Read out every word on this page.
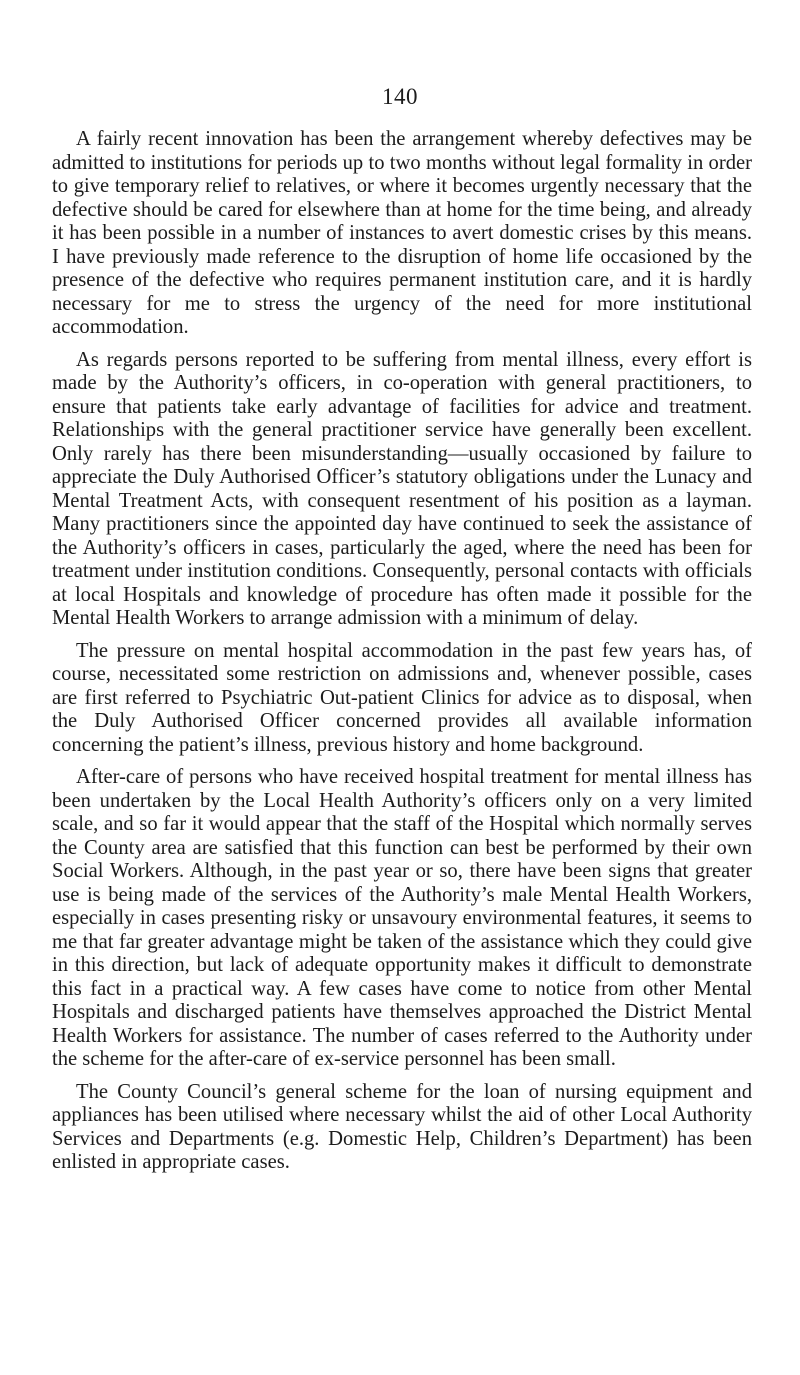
140

A fairly recent innovation has been the arrangement whereby defectives may be admitted to institutions for periods up to two months without legal formality in order to give temporary relief to relatives, or where it becomes urgently necessary that the defective should be cared for elsewhere than at home for the time being, and already it has been possible in a number of instances to avert domestic crises by this means. I have previously made reference to the disruption of home life occasioned by the presence of the defective who requires permanent institution care, and it is hardly necessary for me to stress the urgency of the need for more institutional accommodation.

As regards persons reported to be suffering from mental illness, every effort is made by the Authority’s officers, in co-operation with general practitioners, to ensure that patients take early advantage of facilities for advice and treatment. Relationships with the general practitioner service have generally been excellent. Only rarely has there been misunderstanding—usually occasioned by failure to appreciate the Duly Authorised Officer’s statutory obligations under the Lunacy and Mental Treatment Acts, with consequent resentment of his position as a layman. Many practitioners since the appointed day have continued to seek the assistance of the Authority’s officers in cases, particularly the aged, where the need has been for treatment under institution conditions. Consequently, personal contacts with officials at local Hospitals and knowledge of procedure has often made it possible for the Mental Health Workers to arrange admission with a minimum of delay.

The pressure on mental hospital accommodation in the past few years has, of course, necessitated some restriction on admissions and, whenever possible, cases are first referred to Psychiatric Out-patient Clinics for advice as to disposal, when the Duly Authorised Officer concerned provides all available information concerning the patient’s illness, previous history and home background.

After-care of persons who have received hospital treatment for mental illness has been undertaken by the Local Health Authority’s officers only on a very limited scale, and so far it would appear that the staff of the Hospital which normally serves the County area are satisfied that this function can best be performed by their own Social Workers. Although, in the past year or so, there have been signs that greater use is being made of the services of the Authority’s male Mental Health Workers, especially in cases presenting risky or unsavoury environmental features, it seems to me that far greater advantage might be taken of the assistance which they could give in this direction, but lack of adequate opportunity makes it difficult to demonstrate this fact in a practical way. A few cases have come to notice from other Mental Hospitals and discharged patients have themselves approached the District Mental Health Workers for assistance. The number of cases referred to the Authority under the scheme for the after-care of ex-service personnel has been small.

The County Council’s general scheme for the loan of nursing equipment and appliances has been utilised where necessary whilst the aid of other Local Authority Services and Departments (e.g. Domestic Help, Children’s Department) has been enlisted in appropriate cases.
